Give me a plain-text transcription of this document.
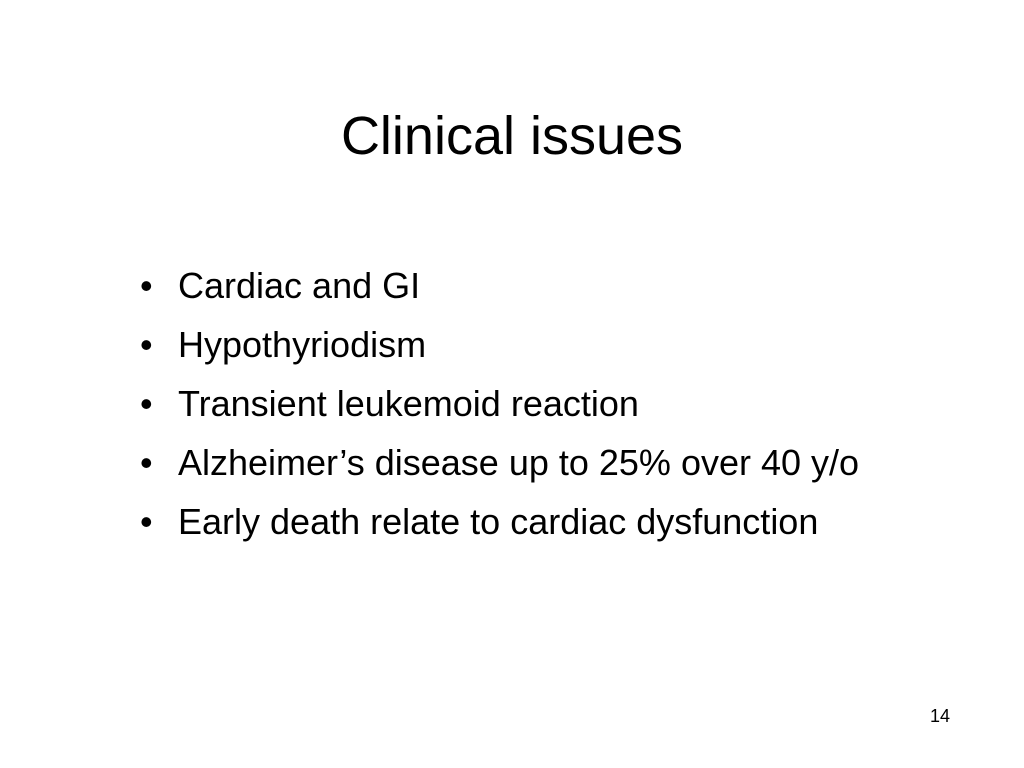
Clinical issues
• Cardiac and GI
• Hypothyriodism
• Transient leukemoid reaction
• Alzheimer’s disease up to 25% over 40 y/o
• Early death relate to cardiac dysfunction
14
